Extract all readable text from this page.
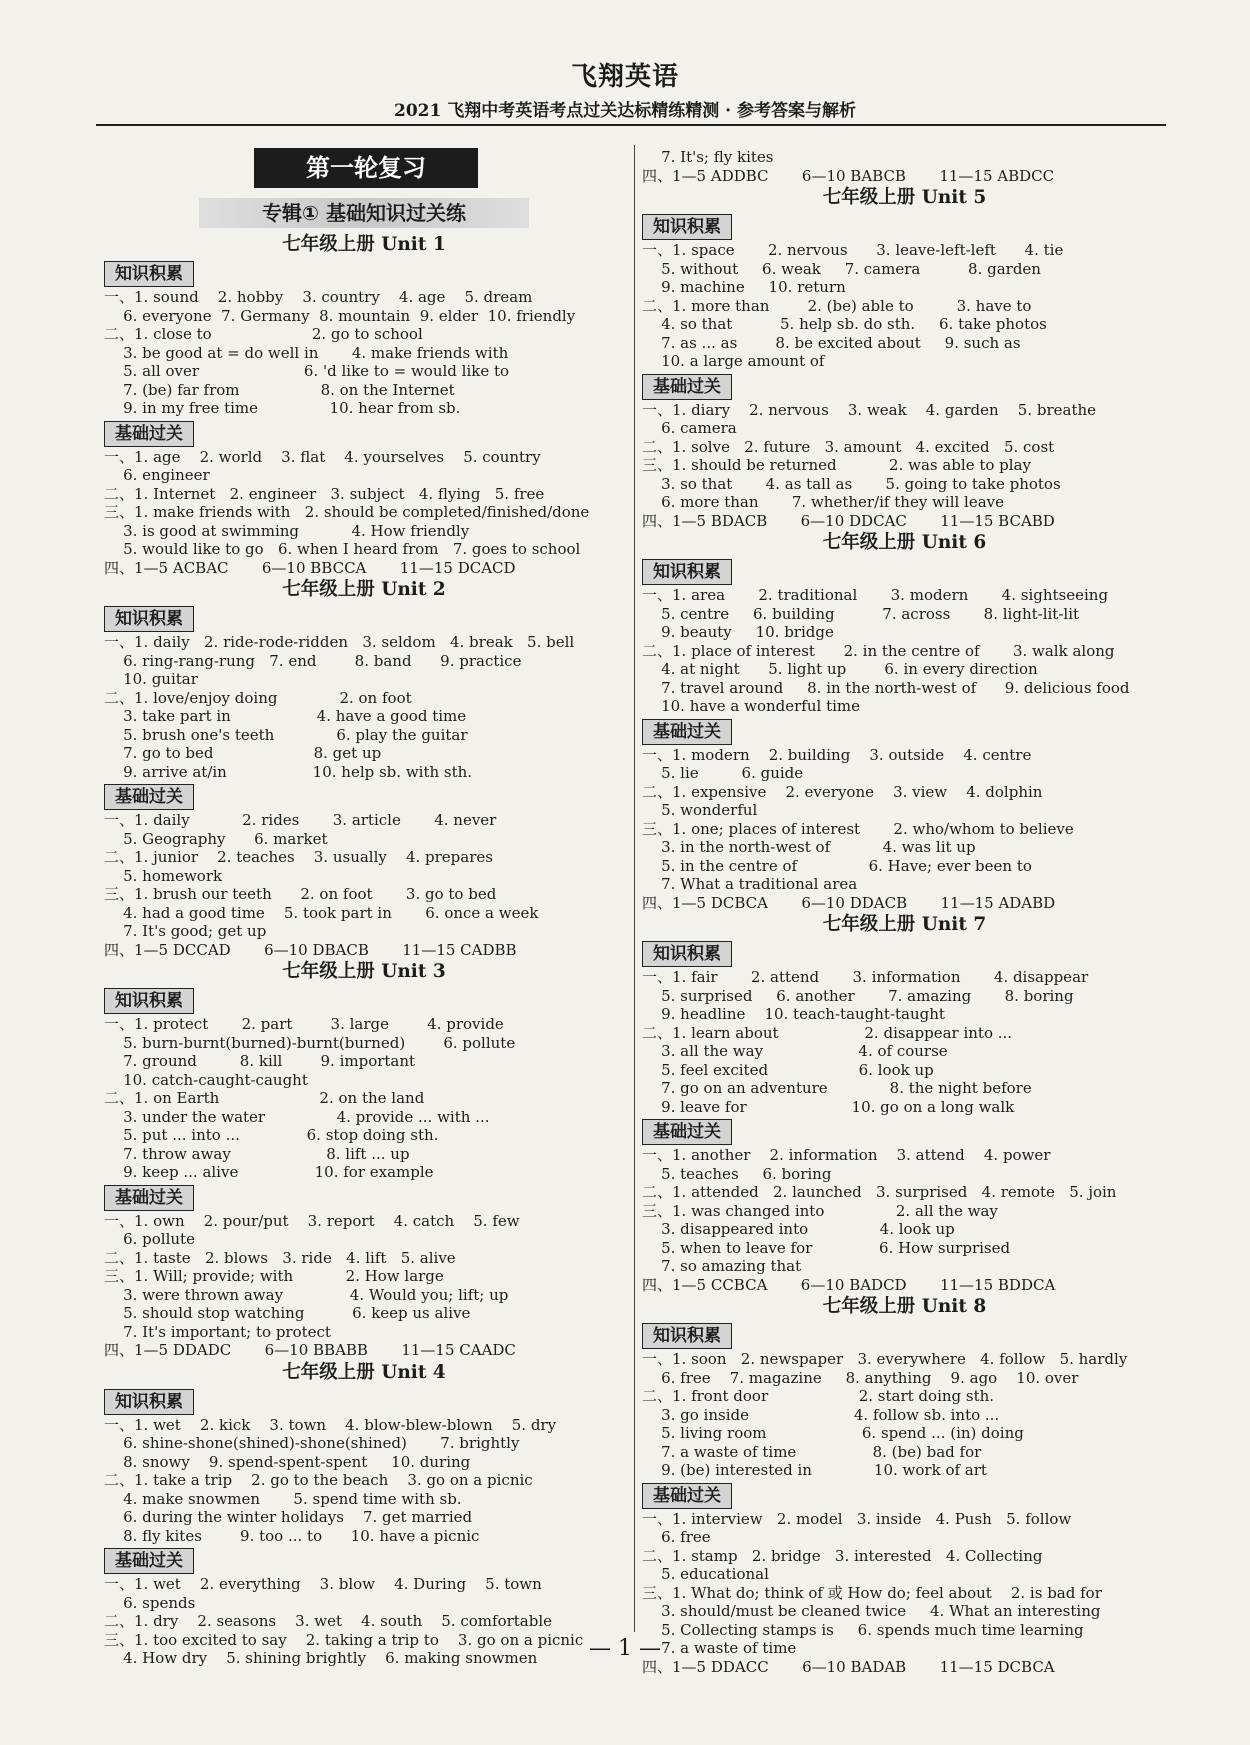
飞翔英语
2021 飞翔中考英语考点过关达标精练精测 · 参考答案与解析
第一轮复习
专辑① 基础知识过关练
七年级上册 Unit 1
知识积累

一、1. sound    2. hobby    3. country    4. age    5. dream
6. everyone  7. Germany  8. mountain  9. elder  10. friendly
二、1. close to                     2. go to school
3. be good at = do well in       4. make friends with
5. all over                      6. 'd like to = would like to
7. (be) far from                 8. on the Internet
9. in my free time               10. hear from sb.
基础过关

一、1. age    2. world    3. flat    4. yourselves    5. country
6. engineer
二、1. Internet   2. engineer   3. subject   4. flying   5. free
三、1. make friends with   2. should be completed/finished/done
3. is good at swimming           4. How friendly
5. would like to go   6. when I heard from   7. goes to school
四、1—5 ACBAC       6—10 BBCCA       11—15 DCACD
七年级上册 Unit 2
知识积累

一、1. daily   2. ride-rode-ridden   3. seldom   4. break   5. bell
6. ring-rang-rung   7. end        8. band      9. practice
10. guitar
二、1. love/enjoy doing             2. on foot
3. take part in                  4. have a good time
5. brush one's teeth             6. play the guitar
7. go to bed                     8. get up
9. arrive at/in                  10. help sb. with sth.
基础过关

一、1. daily           2. rides       3. article       4. never
5. Geography      6. market
二、1. junior    2. teaches    3. usually    4. prepares
5. homework
三、1. brush our teeth      2. on foot       3. go to bed
4. had a good time    5. took part in       6. once a week
7. It's good; get up
四、1—5 DCCAD       6—10 DBACB       11—15 CADBB
七年级上册 Unit 3
知识积累

一、1. protect       2. part        3. large        4. provide
5. burn-burnt(burned)-burnt(burned)        6. pollute
7. ground         8. kill        9. important
10. catch-caught-caught
二、1. on Earth                     2. on the land
3. under the water               4. provide ... with ...
5. put ... into ...              6. stop doing sth.
7. throw away                    8. lift ... up
9. keep ... alive                10. for example
基础过关

一、1. own    2. pour/put    3. report    4. catch    5. few
6. pollute
二、1. taste   2. blows   3. ride   4. lift   5. alive
三、1. Will; provide; with           2. How large
3. were thrown away              4. Would you; lift; up
5. should stop watching          6. keep us alive
7. It's important; to protect
四、1—5 DDADC       6—10 BBABB       11—15 CAADC
七年级上册 Unit 4
知识积累

一、1. wet    2. kick    3. town    4. blow-blew-blown    5. dry
6. shine-shone(shined)-shone(shined)       7. brightly
8. snowy    9. spend-spent-spent     10. during
二、1. take a trip    2. go to the beach    3. go on a picnic
4. make snowmen       5. spend time with sb.
6. during the winter holidays    7. get married
8. fly kites        9. too ... to      10. have a picnic
基础过关

一、1. wet    2. everything    3. blow    4. During    5. town
6. spends
二、1. dry    2. seasons    3. wet    4. south    5. comfortable
三、1. too excited to say    2. taking a trip to    3. go on a picnic
4. How dry    5. shining brightly    6. making snowmen
7. It's; fly kites
四、1—5 ADDBC       6—10 BABCB       11—15 ABDCC
七年级上册 Unit 5
知识积累

一、1. space       2. nervous      3. leave-left-left      4. tie
5. without     6. weak     7. camera          8. garden
9. machine     10. return
二、1. more than        2. (be) able to         3. have to
4. so that          5. help sb. do sth.     6. take photos
7. as ... as        8. be excited about     9. such as
10. a large amount of
基础过关

一、1. diary    2. nervous    3. weak    4. garden    5. breathe
6. camera
二、1. solve   2. future   3. amount   4. excited   5. cost
三、1. should be returned           2. was able to play
3. so that       4. as tall as       5. going to take photos
6. more than       7. whether/if they will leave
四、1—5 BDACB       6—10 DDCAC       11—15 BCABD
七年级上册 Unit 6
知识积累

一、1. area       2. traditional       3. modern       4. sightseeing
5. centre     6. building          7. across       8. light-lit-lit
9. beauty     10. bridge
二、1. place of interest      2. in the centre of       3. walk along
4. at night      5. light up        6. in every direction
7. travel around     8. in the north-west of      9. delicious food
10. have a wonderful time
基础过关

一、1. modern    2. building    3. outside    4. centre
5. lie         6. guide
二、1. expensive    2. everyone    3. view    4. dolphin
5. wonderful
三、1. one; places of interest       2. who/whom to believe
3. in the north-west of           4. was lit up
5. in the centre of               6. Have; ever been to
7. What a traditional area
四、1—5 DCBCA       6—10 DDACB       11—15 ADABD
七年级上册 Unit 7
知识积累

一、1. fair       2. attend       3. information       4. disappear
5. surprised     6. another       7. amazing       8. boring
9. headline    10. teach-taught-taught
二、1. learn about                  2. disappear into ...
3. all the way                    4. of course
5. feel excited                   6. look up
7. go on an adventure             8. the night before
9. leave for                      10. go on a long walk
基础过关

一、1. another    2. information    3. attend    4. power
5. teaches     6. boring
二、1. attended   2. launched   3. surprised   4. remote   5. join
三、1. was changed into               2. all the way
3. disappeared into               4. look up
5. when to leave for              6. How surprised
7. so amazing that
四、1—5 CCBCA       6—10 BADCD       11—15 BDDCA
七年级上册 Unit 8
知识积累

一、1. soon   2. newspaper   3. everywhere   4. follow   5. hardly
6. free    7. magazine     8. anything    9. ago    10. over
二、1. front door                   2. start doing sth.
3. go inside                      4. follow sb. into ...
5. living room                    6. spend ... (in) doing
7. a waste of time                8. (be) bad for
9. (be) interested in             10. work of art
基础过关

一、1. interview   2. model   3. inside   4. Push   5. follow
6. free
二、1. stamp   2. bridge   3. interested   4. Collecting
5. educational
三、1. What do; think of 或 How do; feel about    2. is bad for
3. should/must be cleaned twice     4. What an interesting
5. Collecting stamps is     6. spends much time learning
7. a waste of time
四、1—5 DDACC       6—10 BADAB       11—15 DCBCA
— 1 —
